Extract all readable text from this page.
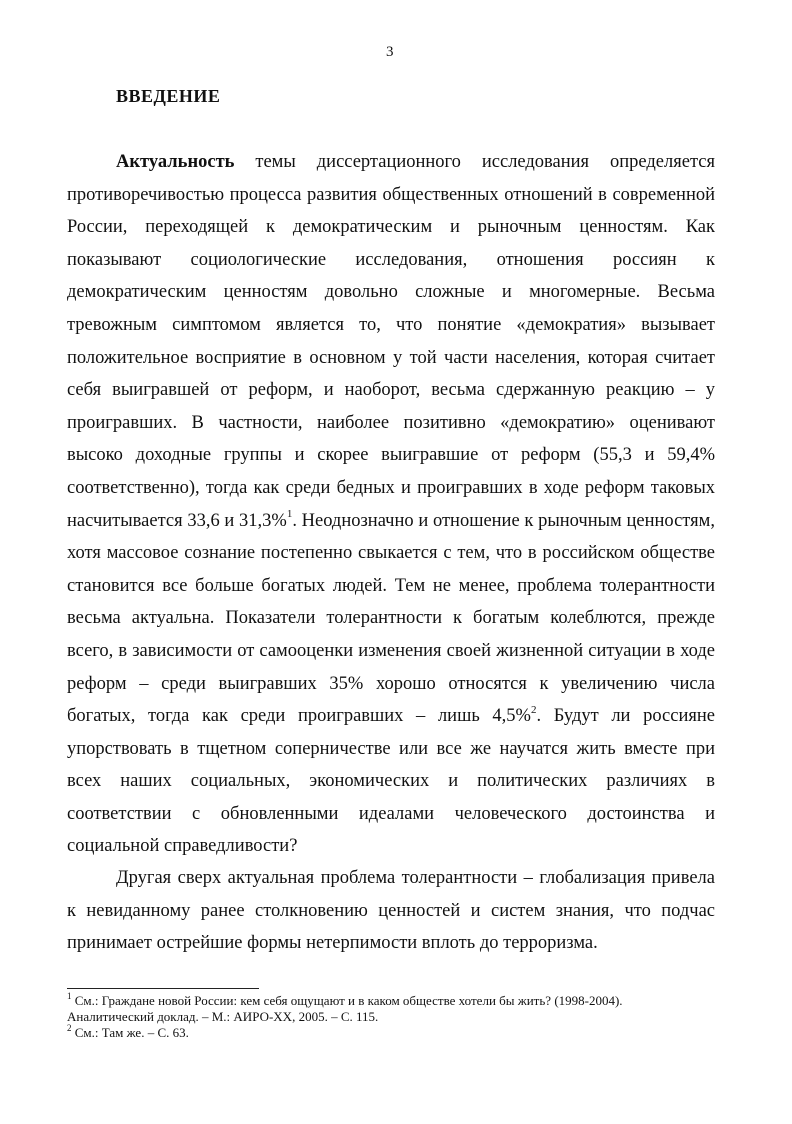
3
ВВЕДЕНИЕ

Актуальность темы диссертационного исследования определяется противоречивостью процесса развития общественных отношений в современной России, переходящей к демократическим и рыночным ценностям. Как показывают социологические исследования, отношения россиян к демократическим ценностям довольно сложные и многомерные. Весьма тревожным симптомом является то, что понятие «демократия» вызывает положительное восприятие в основном у той части населения, которая считает себя выигравшей от реформ, и наоборот, весьма сдержанную реакцию – у проигравших. В частности, наиболее позитивно «демократию» оценивают высоко доходные группы и скорее выигравшие от реформ (55,3 и 59,4% соответственно), тогда как среди бедных и проигравших в ходе реформ таковых насчитывается 33,6 и 31,3%$^1$. Неоднозначно и отношение к рыночным ценностям, хотя массовое сознание постепенно свыкается с тем, что в российском обществе становится все больше богатых людей. Тем не менее, проблема толерантности весьма актуальна. Показатели толерантности к богатым колеблются, прежде всего, в зависимости от самооценки изменения своей жизненной ситуации в ходе реформ – среди выигравших 35% хорошо относятся к увеличению числа богатых, тогда как среди проигравших – лишь 4,5%$^2$. Будут ли россияне упорствовать в тщетном соперничестве или все же научатся жить вместе при всех наших социальных, экономических и политических различиях в соответствии с обновленными идеалами человеческого достоинства и социальной справедливости?

Другая сверх актуальная проблема толерантности – глобализация привела к невиданному ранее столкновению ценностей и систем знания, что подчас принимает острейшие формы нетерпимости вплоть до терроризма.

$^1$ См.: Граждане новой России: кем себя ощущают и в каком обществе хотели бы жить? (1998-2004). Аналитический доклад. – М.: АИРО-XX, 2005. – С. 115.

$^2$ См.: Там же. – С. 63.
